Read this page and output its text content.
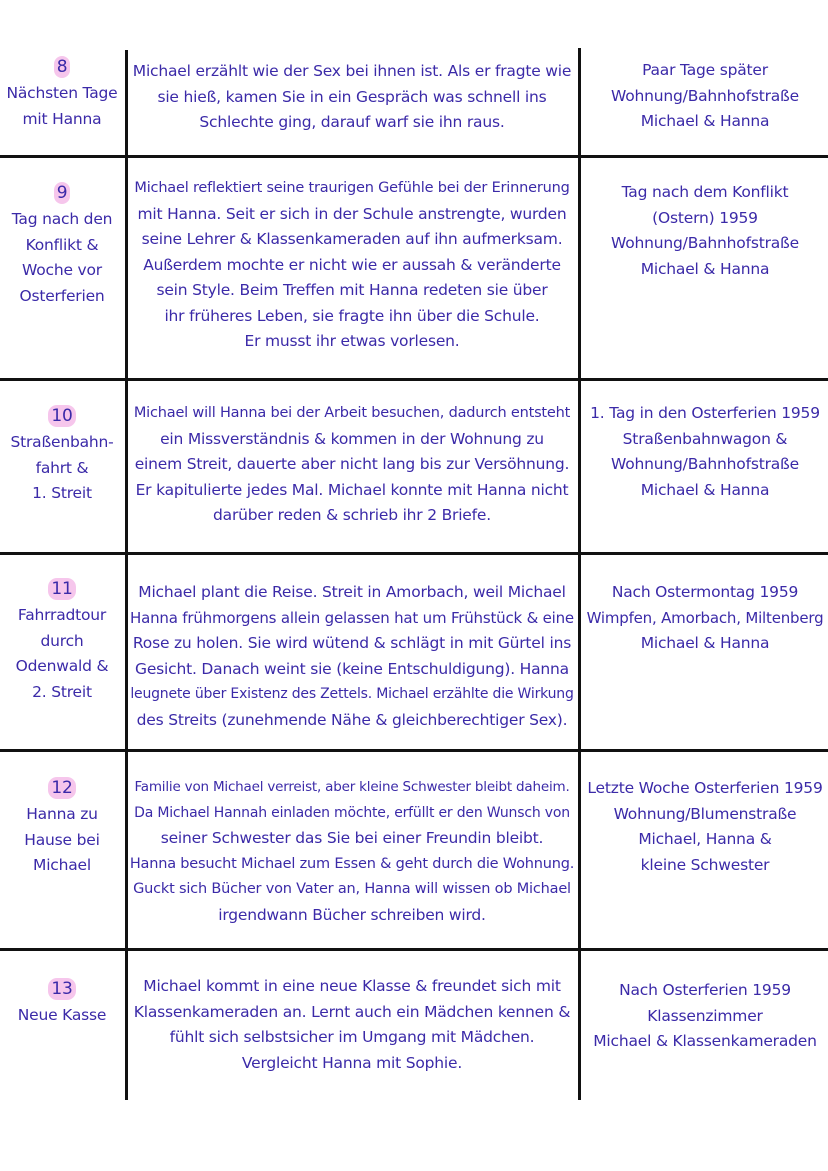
8
Nächsten Tage
mit Hanna
Michael erzählt wie der Sex bei ihnen ist. Als er fragte wie
sie hieß, kamen Sie in ein Gespräch was schnell ins
Schlechte ging, darauf warf sie ihn raus.
Paar Tage später
Wohnung/Bahnhofstraße
Michael & Hanna
9
Tag nach den
Konflikt &
Woche vor
Osterferien
Michael reflektiert seine traurigen Gefühle bei der Erinnerung
mit Hanna. Seit er sich in der Schule anstrengte, wurden
seine Lehrer & Klassenkameraden auf ihn aufmerksam.
Außerdem mochte er nicht wie er aussah & veränderte
sein Style. Beim Treffen mit Hanna redeten sie über
ihr früheres Leben, sie fragte ihn über die Schule.
Er musst ihr etwas vorlesen.
Tag nach dem Konflikt
(Ostern) 1959
Wohnung/Bahnhofstraße
Michael & Hanna
10
Straßenbahn-
fahrt &
1. Streit
Michael will Hanna bei der Arbeit besuchen, dadurch entsteht
ein Missverständnis & kommen in der Wohnung zu
einem Streit, dauerte aber nicht lang bis zur Versöhnung.
Er kapitulierte jedes Mal. Michael konnte mit Hanna nicht
darüber reden & schrieb ihr 2 Briefe.
1. Tag in den Osterferien 1959
Straßenbahnwagon &
Wohnung/Bahnhofstraße
Michael & Hanna
11
Fahrradtour
durch
Odenwald &
2. Streit
Michael plant die Reise. Streit in Amorbach, weil Michael
Hanna frühmorgens allein gelassen hat um Frühstück & eine
Rose zu holen. Sie wird wütend & schlägt in mit Gürtel ins
Gesicht. Danach weint sie (keine Entschuldigung). Hanna
leugnete über Existenz des Zettels. Michael erzählte die Wirkung
des Streits (zunehmende Nähe & gleichberechtiger Sex).
Nach Ostermontag 1959
Wimpfen, Amorbach, Miltenberg
Michael & Hanna
12
Hanna zu
Hause bei
Michael
Familie von Michael verreist, aber kleine Schwester bleibt daheim.
Da Michael Hannah einladen möchte, erfüllt er den Wunsch von
seiner Schwester das Sie bei einer Freundin bleibt.
Hanna besucht Michael zum Essen & geht durch die Wohnung.
Guckt sich Bücher von Vater an, Hanna will wissen ob Michael
irgendwann Bücher schreiben wird.
Letzte Woche Osterferien 1959
Wohnung/Blumenstraße
Michael, Hanna &
kleine Schwester
13
Neue Kasse
Michael kommt in eine neue Klasse & freundet sich mit
Klassenkameraden an. Lernt auch ein Mädchen kennen &
fühlt sich selbstsicher im Umgang mit Mädchen.
Vergleicht Hanna mit Sophie.
Nach Osterferien 1959
Klassenzimmer
Michael & Klassenkameraden
